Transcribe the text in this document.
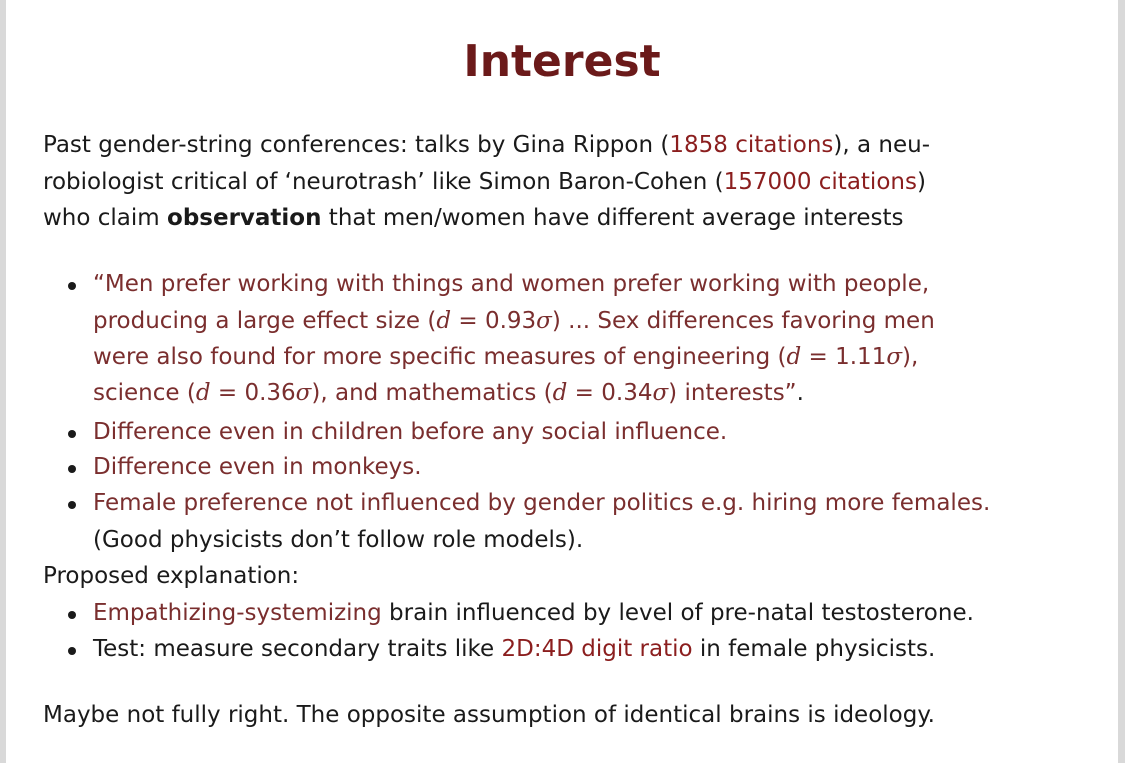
Interest
Past gender-string conferences: talks by Gina Rippon (1858 citations), a neu-
robiologist critical of ‘neurotrash’ like Simon Baron-Cohen (157000 citations)
who claim observation that men/women have different average interests
“Men prefer working with things and women prefer working with people,
producing a large effect size (d = 0.93σ) ... Sex differences favoring men
were also found for more specific measures of engineering (d = 1.11σ),
science (d = 0.36σ), and mathematics (d = 0.34σ) interests”.
Difference even in children before any social influence.
Difference even in monkeys.
Female preference not influenced by gender politics e.g. hiring more females.
(Good physicists don’t follow role models).
Proposed explanation:
Empathizing-systemizing brain influenced by level of pre-natal testosterone.
Test: measure secondary traits like 2D:4D digit ratio in female physicists.
Maybe not fully right. The opposite assumption of identical brains is ideology.
